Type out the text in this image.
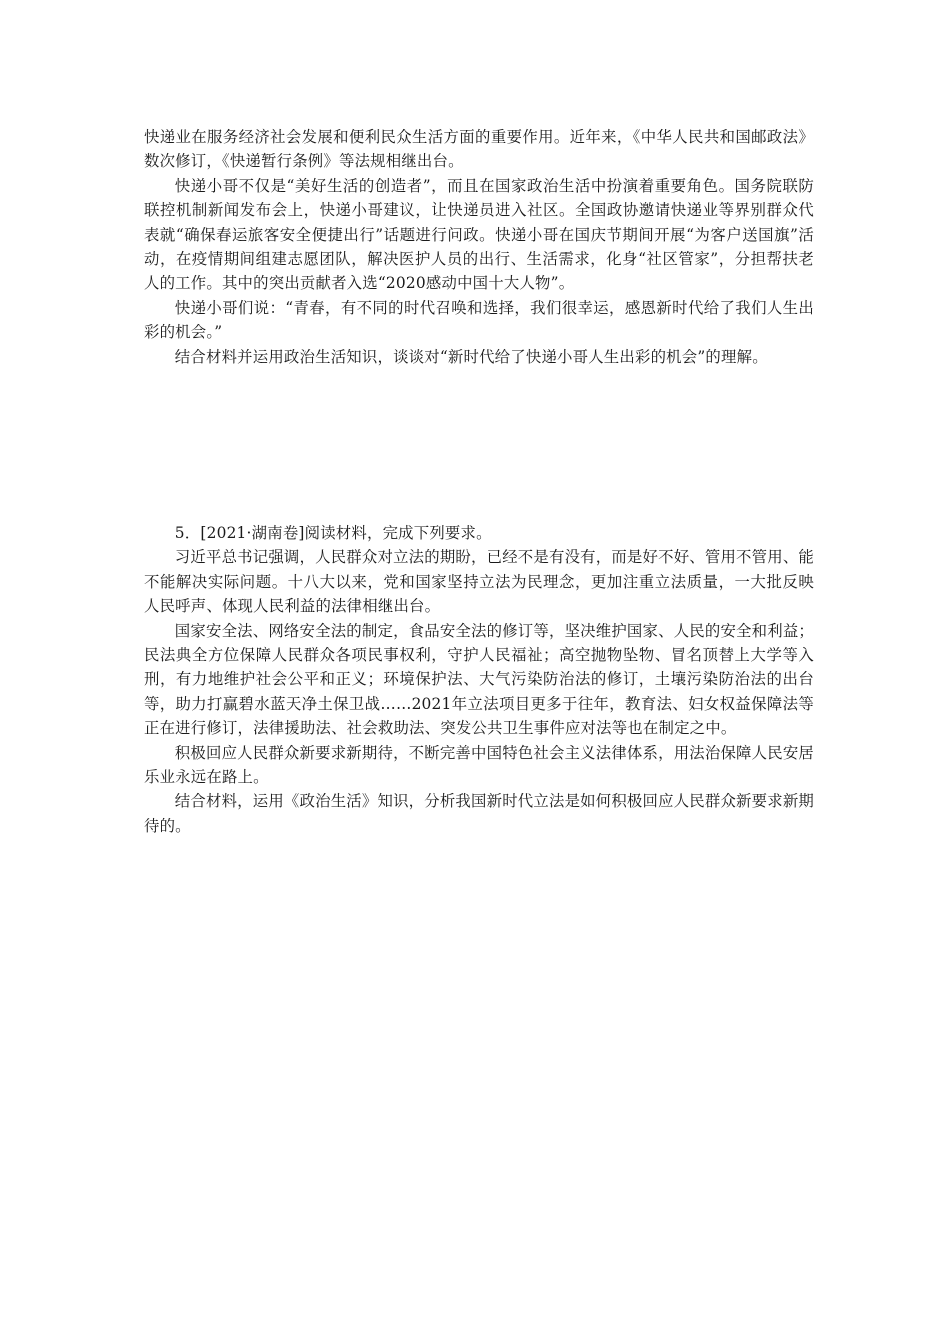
快递业在服务经济社会发展和便利民众生活方面的重要作用。近年来，《中华人民共和国邮政法》数次修订，《快递暂行条例》等法规相继出台。

快递小哥不仅是“美好生活的创造者”，而且在国家政治生活中扮演着重要角色。国务院联防联控机制新闻发布会上，快递小哥建议，让快递员进入社区。全国政协邀请快递业等界别群众代表就“确保春运旅客安全便捷出行”话题进行问政。快递小哥在国庆节期间开展“为客户送国旗”活动，在疫情期间组建志愿团队，解决医护人员的出行、生活需求，化身“社区管家”，分担帮扶老人的工作。其中的突出贡献者入选“2020感动中国十大人物”。

快递小哥们说：“青春，有不同的时代召唤和选择，我们很幸运，感恩新时代给了我们人生出彩的机会。”

结合材料并运用政治生活知识，谈谈对“新时代给了快递小哥人生出彩的机会”的理解。

5．[2021·湖南卷]阅读材料，完成下列要求。

习近平总书记强调，人民群众对立法的期盼，已经不是有没有，而是好不好、管用不管用、能不能解决实际问题。十八大以来，党和国家坚持立法为民理念，更加注重立法质量，一大批反映人民呼声、体现人民利益的法律相继出台。

国家安全法、网络安全法的制定，食品安全法的修订等，坚决维护国家、人民的安全和利益；民法典全方位保障人民群众各项民事权利，守护人民福祉；高空抛物坠物、冒名顶替上大学等入刑，有力地维护社会公平和正义；环境保护法、大气污染防治法的修订，土壤污染防治法的出台等，助力打赢碧水蓝天净土保卫战……2021年立法项目更多于往年，教育法、妇女权益保障法等正在进行修订，法律援助法、社会救助法、突发公共卫生事件应对法等也在制定之中。

积极回应人民群众新要求新期待，不断完善中国特色社会主义法律体系，用法治保障人民安居乐业永远在路上。

结合材料，运用《政治生活》知识，分析我国新时代立法是如何积极回应人民群众新要求新期待的。
